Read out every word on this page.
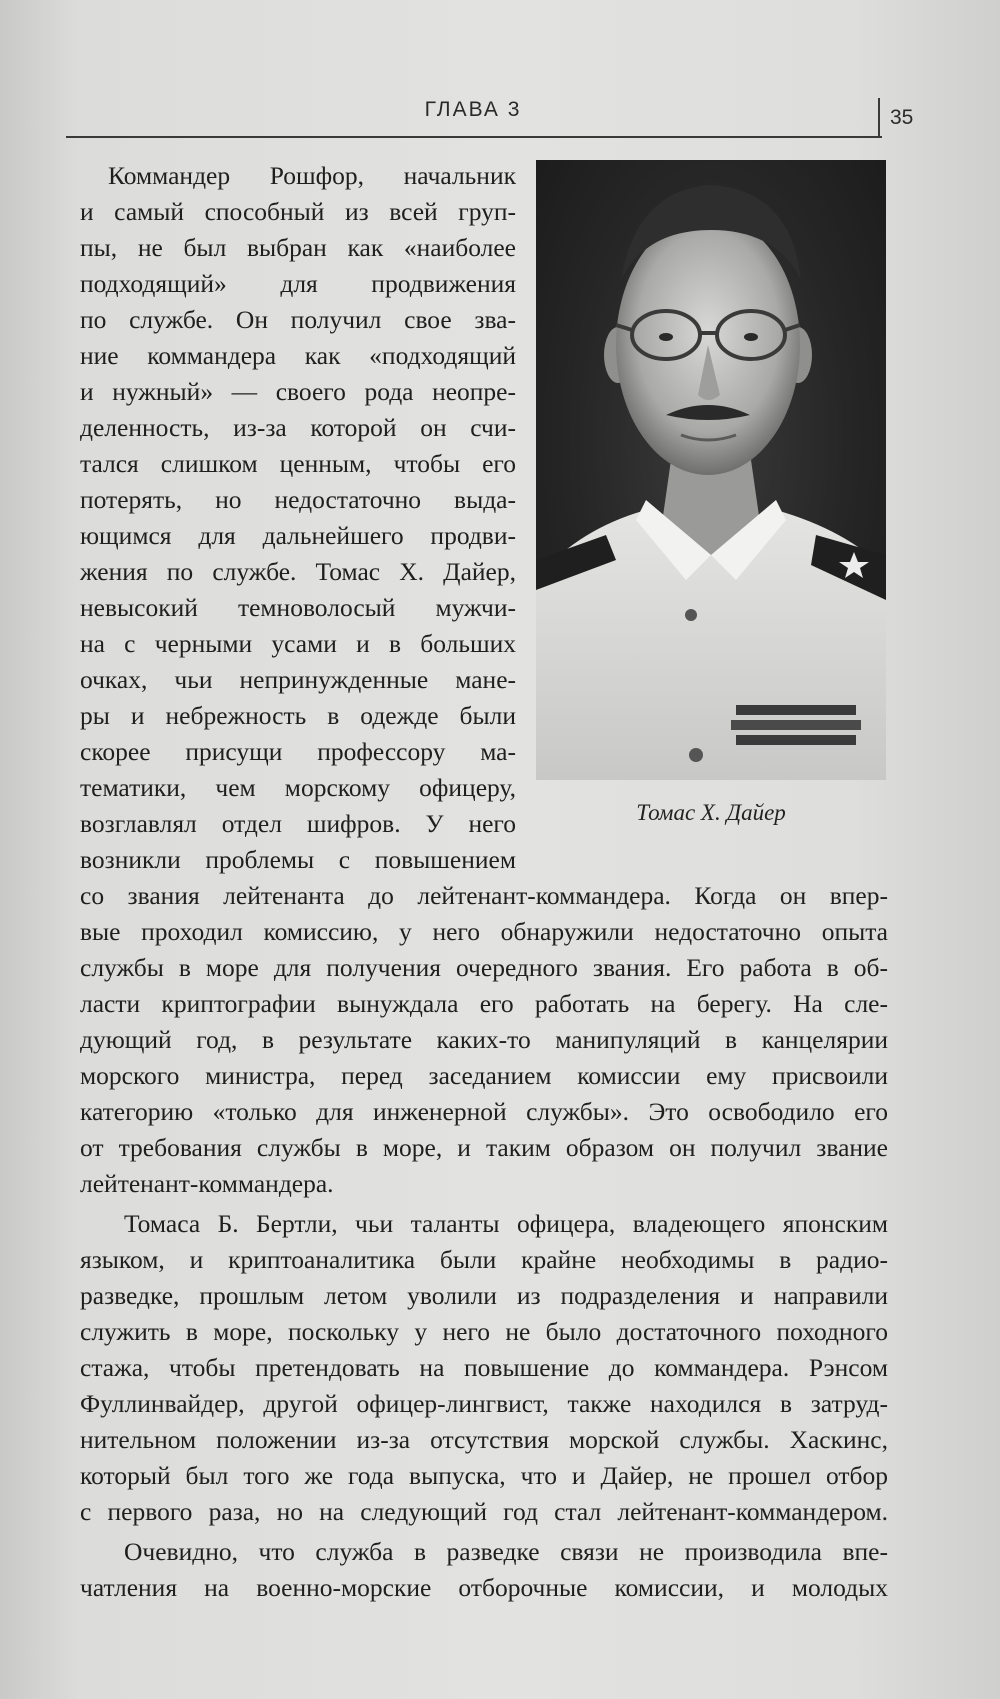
ГЛАВА 3	35
Томас Х. Дайер
Коммандер Рошфор, начальник
и самый способный из всей груп-
пы, не был выбран как «наиболее
подходящий» для продвижения
по службе. Он получил свое зва-
ние коммандера как «подходящий
и нужный» — своего рода неопре-
деленность, из-за которой он счи-
тался слишком ценным, чтобы его
потерять, но недостаточно выда-
ющимся для дальнейшего продви-
жения по службе. Томас Х. Дайер,
невысокий темноволосый мужчи-
на с черными усами и в больших
очках, чьи непринужденные мане-
ры и небрежность в одежде были
скорее присущи профессору ма-
тематики, чем морскому офицеру,
возглавлял отдел шифров. У него
возникли проблемы с повышением
со звания лейтенанта до лейтенант-коммандера. Когда он впер-
вые проходил комиссию, у него обнаружили недостаточно опыта
службы в море для получения очередного звания. Его работа в об-
ласти криптографии вынуждала его работать на берегу. На сле-
дующий год, в результате каких-то манипуляций в канцелярии
морского министра, перед заседанием комиссии ему присвоили
категорию «только для инженерной службы». Это освободило его
от требования службы в море, и таким образом он получил звание
лейтенант-коммандера.
Томаса Б. Бертли, чьи таланты офицера, владеющего японским
языком, и криптоаналитика были крайне необходимы в радио-
разведке, прошлым летом уволили из подразделения и направили
служить в море, поскольку у него не было достаточного походного
стажа, чтобы претендовать на повышение до коммандера. Рэнсом
Фуллинвайдер, другой офицер-лингвист, также находился в затруд-
нительном положении из-за отсутствия морской службы. Хаскинс,
который был того же года выпуска, что и Дайер, не прошел отбор
с первого раза, но на следующий год стал лейтенант-коммандером.
Очевидно, что служба в разведке связи не производила впе-
чатления на военно-морские отборочные комиссии, и молодых
